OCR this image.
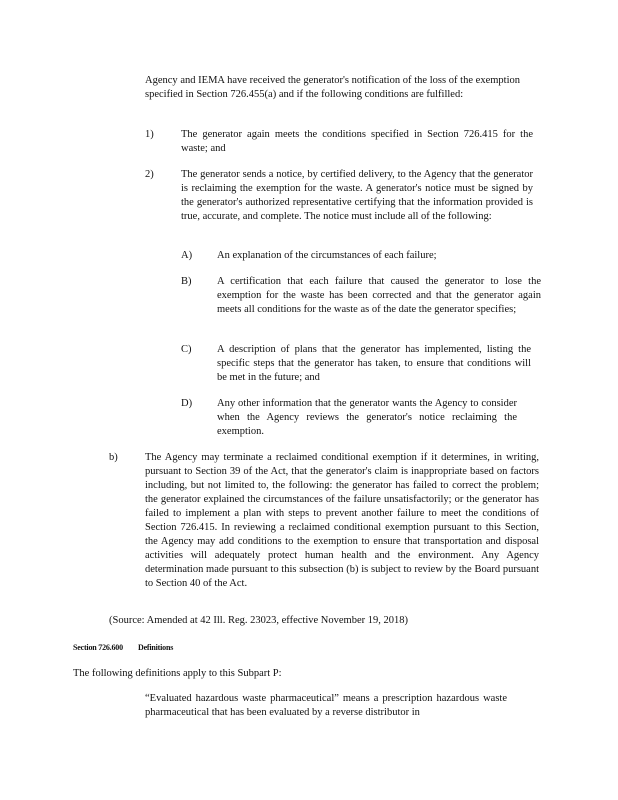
Agency and IEMA have received the generator's notification of the loss of the exemption specified in Section 726.455(a) and if the following conditions are fulfilled:
1)	The generator again meets the conditions specified in Section 726.415 for the waste; and
2)	The generator sends a notice, by certified delivery, to the Agency that the generator is reclaiming the exemption for the waste. A generator's notice must be signed by the generator's authorized representative certifying that the information provided is true, accurate, and complete. The notice must include all of the following:
A) An explanation of the circumstances of each failure;
B) A certification that each failure that caused the generator to lose the exemption for the waste has been corrected and that the generator again meets all conditions for the waste as of the date the generator specifies;
C) A description of plans that the generator has implemented, listing the specific steps that the generator has taken, to ensure that conditions will be met in the future; and
D) Any other information that the generator wants the Agency to consider when the Agency reviews the generator's notice reclaiming the exemption.
b)	The Agency may terminate a reclaimed conditional exemption if it determines, in writing, pursuant to Section 39 of the Act, that the generator's claim is inappropriate based on factors including, but not limited to, the following: the generator has failed to correct the problem; the generator explained the circumstances of the failure unsatisfactorily; or the generator has failed to implement a plan with steps to prevent another failure to meet the conditions of Section 726.415. In reviewing a reclaimed conditional exemption pursuant to this Section, the Agency may add conditions to the exemption to ensure that transportation and disposal activities will adequately protect human health and the environment. Any Agency determination made pursuant to this subsection (b) is subject to review by the Board pursuant to Section 40 of the Act.
(Source: Amended at 42 Ill. Reg. 23023, effective November 19, 2018)
Section 726.600 Definitions
The following definitions apply to this Subpart P:
“Evaluated hazardous waste pharmaceutical” means a prescription hazardous waste pharmaceutical that has been evaluated by a reverse distributor in
